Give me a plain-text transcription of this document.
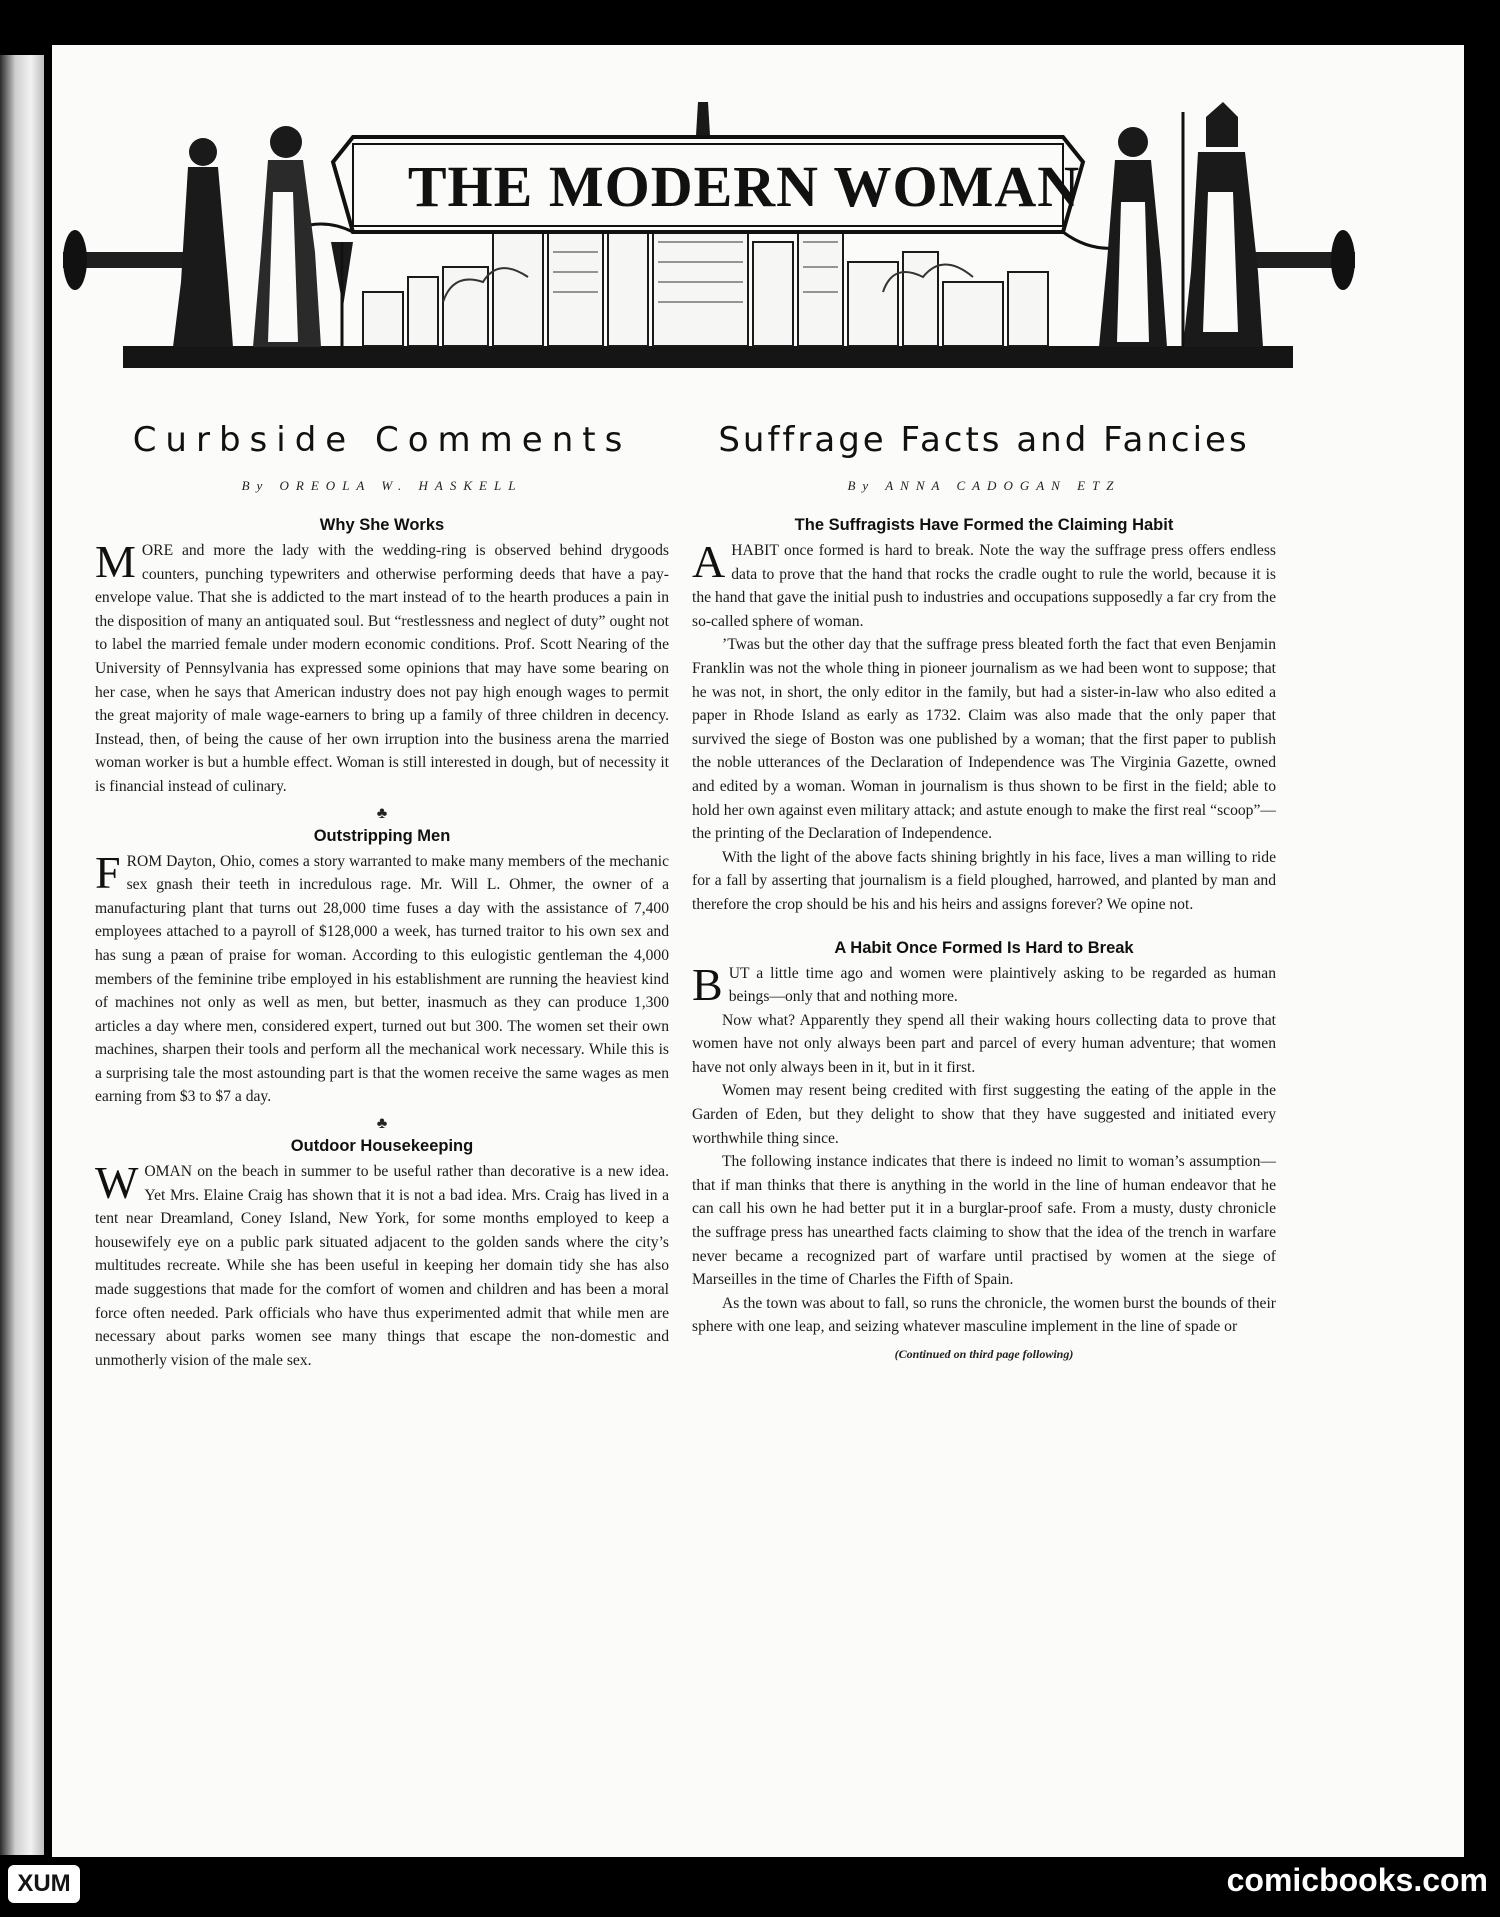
THE MODERN WOMAN
Curbside Comments
By OREOLA W. HASKELL
Why She Works

MORE and more the lady with the wedding-ring is observed behind drygoods counters, punching typewriters and otherwise performing deeds that have a pay-envelope value. That she is addicted to the mart instead of to the hearth produces a pain in the disposition of many an antiquated soul. But “restlessness and neglect of duty” ought not to label the married female under modern economic conditions. Prof. Scott Nearing of the University of Pennsylvania has expressed some opinions that may have some bearing on her case, when he says that American industry does not pay high enough wages to permit the great majority of male wage-earners to bring up a family of three children in decency. Instead, then, of being the cause of her own irruption into the business arena the married woman worker is but a humble effect. Woman is still interested in dough, but of necessity it is financial instead of culinary.

♣
Outstripping Men

FROM Dayton, Ohio, comes a story warranted to make many members of the mechanic sex gnash their teeth in incredulous rage. Mr. Will L. Ohmer, the owner of a manufacturing plant that turns out 28,000 time fuses a day with the assistance of 7,400 employees attached to a payroll of $128,000 a week, has turned traitor to his own sex and has sung a pæan of praise for woman. According to this eulogistic gentleman the 4,000 members of the feminine tribe employed in his establishment are running the heaviest kind of machines not only as well as men, but better, inasmuch as they can produce 1,300 articles a day where men, considered expert, turned out but 300. The women set their own machines, sharpen their tools and perform all the mechanical work necessary. While this is a surprising tale the most astounding part is that the women receive the same wages as men earning from $3 to $7 a day.

♣
Outdoor Housekeeping

WOMAN on the beach in summer to be useful rather than decorative is a new idea. Yet Mrs. Elaine Craig has shown that it is not a bad idea. Mrs. Craig has lived in a tent near Dreamland, Coney Island, New York, for some months employed to keep a housewifely eye on a public park situated adjacent to the golden sands where the city’s multitudes recreate. While she has been useful in keeping her domain tidy she has also made suggestions that made for the comfort of women and children and has been a moral force often needed. Park officials who have thus experimented admit that while men are necessary about parks women see many things that escape the non-domestic and unmotherly vision of the male sex.

Suffrage Facts and Fancies
By ANNA CADOGAN ETZ
The Suffragists Have Formed the Claiming Habit

A HABIT once formed is hard to break. Note the way the suffrage press offers endless data to prove that the hand that rocks the cradle ought to rule the world, because it is the hand that gave the initial push to industries and occupations supposedly a far cry from the so-called sphere of woman.

’Twas but the other day that the suffrage press bleated forth the fact that even Benjamin Franklin was not the whole thing in pioneer journalism as we had been wont to suppose; that he was not, in short, the only editor in the family, but had a sister-in-law who also edited a paper in Rhode Island as early as 1732. Claim was also made that the only paper that survived the siege of Boston was one published by a woman; that the first paper to publish the noble utterances of the Declaration of Independence was The Virginia Gazette, owned and edited by a woman. Woman in journalism is thus shown to be first in the field; able to hold her own against even military attack; and astute enough to make the first real “scoop”—the printing of the Declaration of Independence.

With the light of the above facts shining brightly in his face, lives a man willing to ride for a fall by asserting that journalism is a field ploughed, harrowed, and planted by man and therefore the crop should be his and his heirs and assigns forever? We opine not.

A Habit Once Formed Is Hard to Break

BUT a little time ago and women were plaintively asking to be regarded as human beings—only that and nothing more.

Now what? Apparently they spend all their waking hours collecting data to prove that women have not only always been part and parcel of every human adventure; that women have not only always been in it, but in it first.

Women may resent being credited with first suggesting the eating of the apple in the Garden of Eden, but they delight to show that they have suggested and initiated every worthwhile thing since.

The following instance indicates that there is indeed no limit to woman’s assumption—that if man thinks that there is anything in the world in the line of human endeavor that he can call his own he had better put it in a burglar-proof safe. From a musty, dusty chronicle the suffrage press has unearthed facts claiming to show that the idea of the trench in warfare never became a recognized part of warfare until practised by women at the siege of Marseilles in the time of Charles the Fifth of Spain.

As the town was about to fall, so runs the chronicle, the women burst the bounds of their sphere with one leap, and seizing whatever masculine implement in the line of spade or

(Continued on third page following)
XUM	comicbooks.com
